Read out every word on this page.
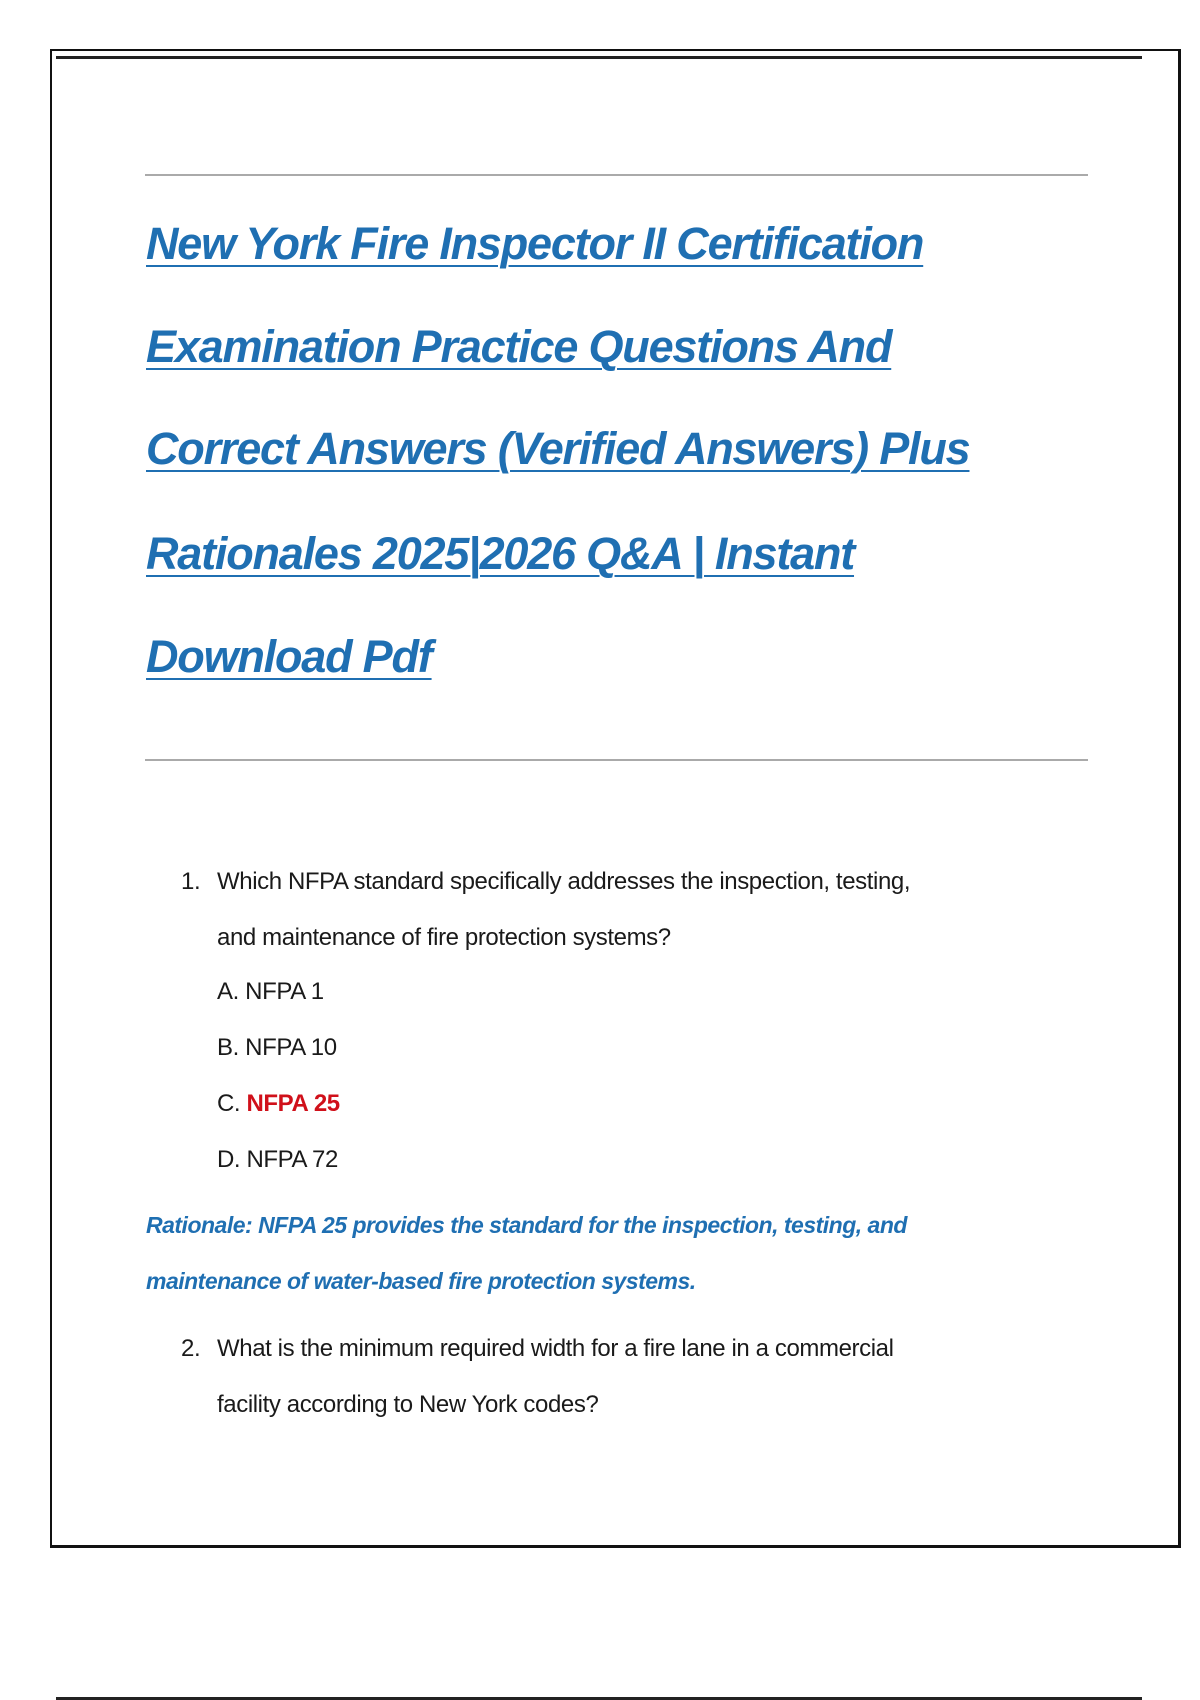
New York Fire Inspector II Certification
Examination Practice Questions And
Correct Answers (Verified Answers) Plus
Rationales 2025|2026 Q&A | Instant
Download Pdf
1. Which NFPA standard specifically addresses the inspection, testing,
and maintenance of fire protection systems?
A. NFPA 1
B. NFPA 10
C. NFPA 25
D. NFPA 72
Rationale: NFPA 25 provides the standard for the inspection, testing, and
maintenance of water-based fire protection systems.
2. What is the minimum required width for a fire lane in a commercial
facility according to New York codes?
